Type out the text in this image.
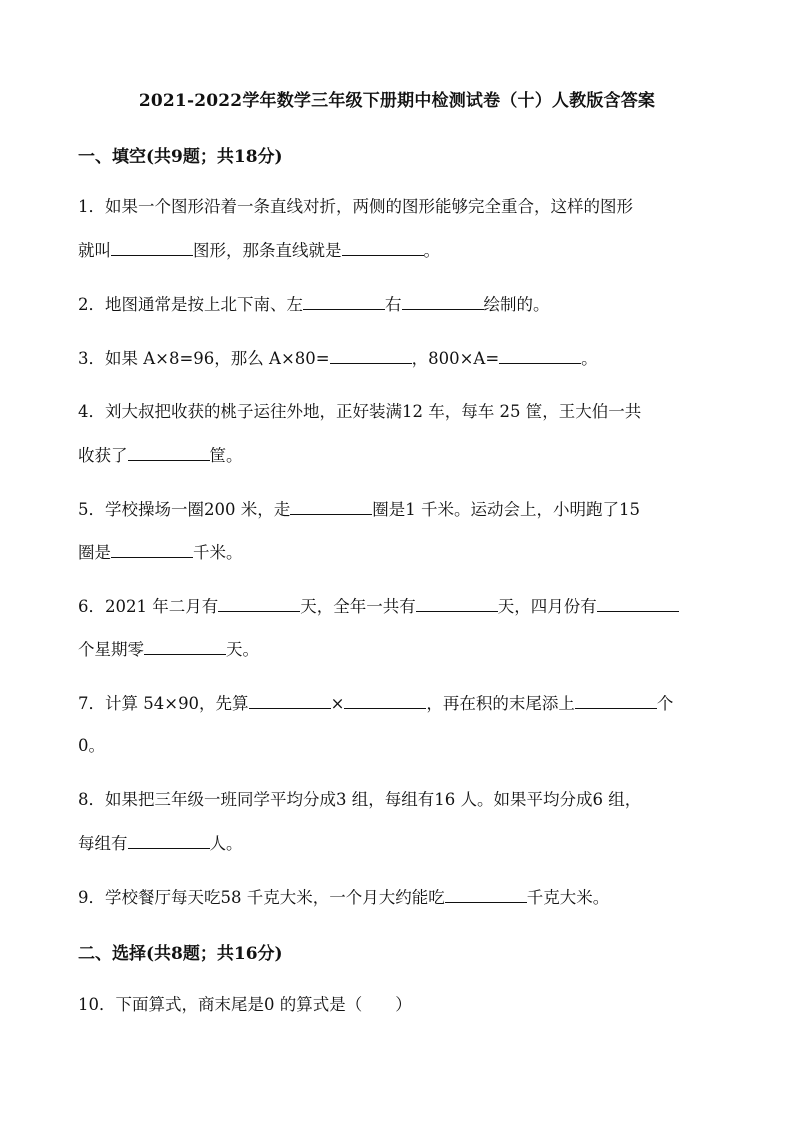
2021-2022学年数学三年级下册期中检测试卷（十）人教版含答案
一、填空(共9题；共18分)
1．如果一个图形沿着一条直线对折，两侧的图形能够完全重合，这样的图形
就叫	图形，那条直线就是	。
2．地图通常是按上北下南、左	右	绘制的。
3．如果 A×8=96，那么 A×80=	，800×A=	。
4．刘大叔把收获的桃子运往外地，正好装满12 车，每车 25 筐，王大伯一共
收获了	筐。
5．学校操场一圈200 米，走	圈是1 千米。运动会上，小明跑了15
圈是	千米。
6．2021 年二月有	天，全年一共有	天，四月份有
个星期零	天。
7．计算 54×90，先算	×	，再在积的末尾添上	个
0。
8．如果把三年级一班同学平均分成3 组，每组有16 人。如果平均分成6 组，
每组有	人。
9．学校餐厅每天吃58 千克大米，一个月大约能吃	千克大米。
二、选择(共8题；共16分)
10．下面算式，商末尾是0 的算式是（　　）
